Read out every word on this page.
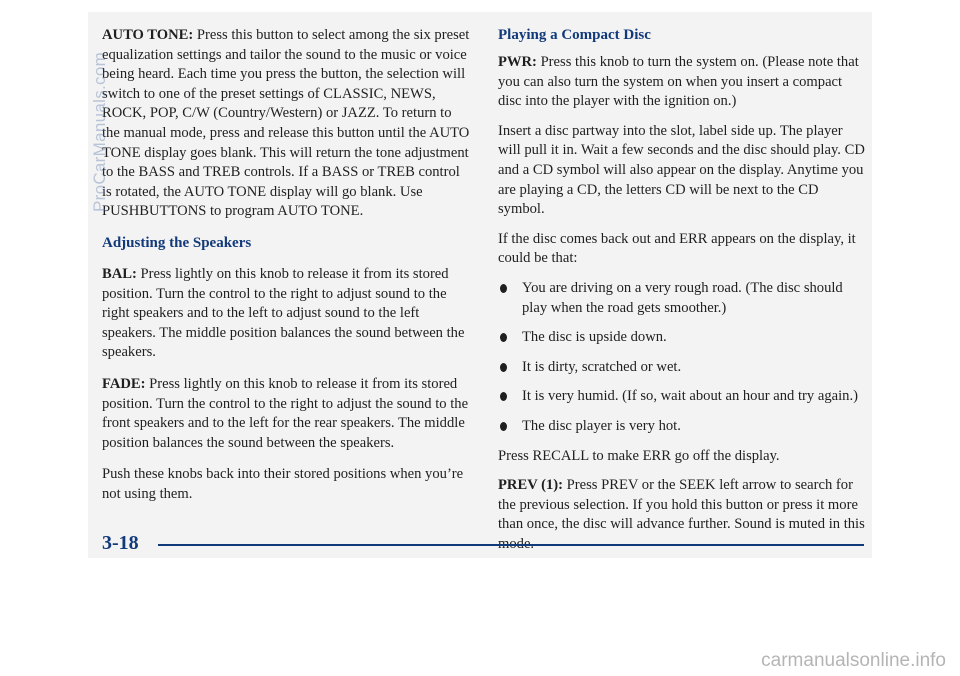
AUTO TONE: Press this button to select among the six preset equalization settings and tailor the sound to the music or voice being heard. Each time you press the button, the selection will switch to one of the preset settings of CLASSIC, NEWS, ROCK, POP, C/W (Country/Western) or JAZZ. To return to the manual mode, press and release this button until the AUTO TONE display goes blank. This will return the tone adjustment to the BASS and TREB controls. If a BASS or TREB control is rotated, the AUTO TONE display will go blank. Use PUSHBUTTONS to program AUTO TONE.

Adjusting the Speakers

BAL: Press lightly on this knob to release it from its stored position. Turn the control to the right to adjust sound to the right speakers and to the left to adjust sound to the left speakers. The middle position balances the sound between the speakers.

FADE: Press lightly on this knob to release it from its stored position. Turn the control to the right to adjust the sound to the front speakers and to the left for the rear speakers. The middle position balances the sound between the speakers.

Push these knobs back into their stored positions when you’re not using them.

Playing a Compact Disc

PWR: Press this knob to turn the system on. (Please note that you can also turn the system on when you insert a compact disc into the player with the ignition on.)

Insert a disc partway into the slot, label side up. The player will pull it in. Wait a few seconds and the disc should play. CD and a CD symbol will also appear on the display. Anytime you are playing a CD, the letters CD will be next to the CD symbol.

If the disc comes back out and ERR appears on the display, it could be that:

You are driving on a very rough road. (The disc should play when the road gets smoother.)
The disc is upside down.
It is dirty, scratched or wet.
It is very humid. (If so, wait about an hour and try again.)
The disc player is very hot.

Press RECALL to make ERR go off the display.

PREV (1): Press PREV or the SEEK left arrow to search for the previous selection. If you hold this button or press it more than once, the disc will advance further. Sound is muted in this

3-18
ProCarManuals.com
carmanualsonline.info
